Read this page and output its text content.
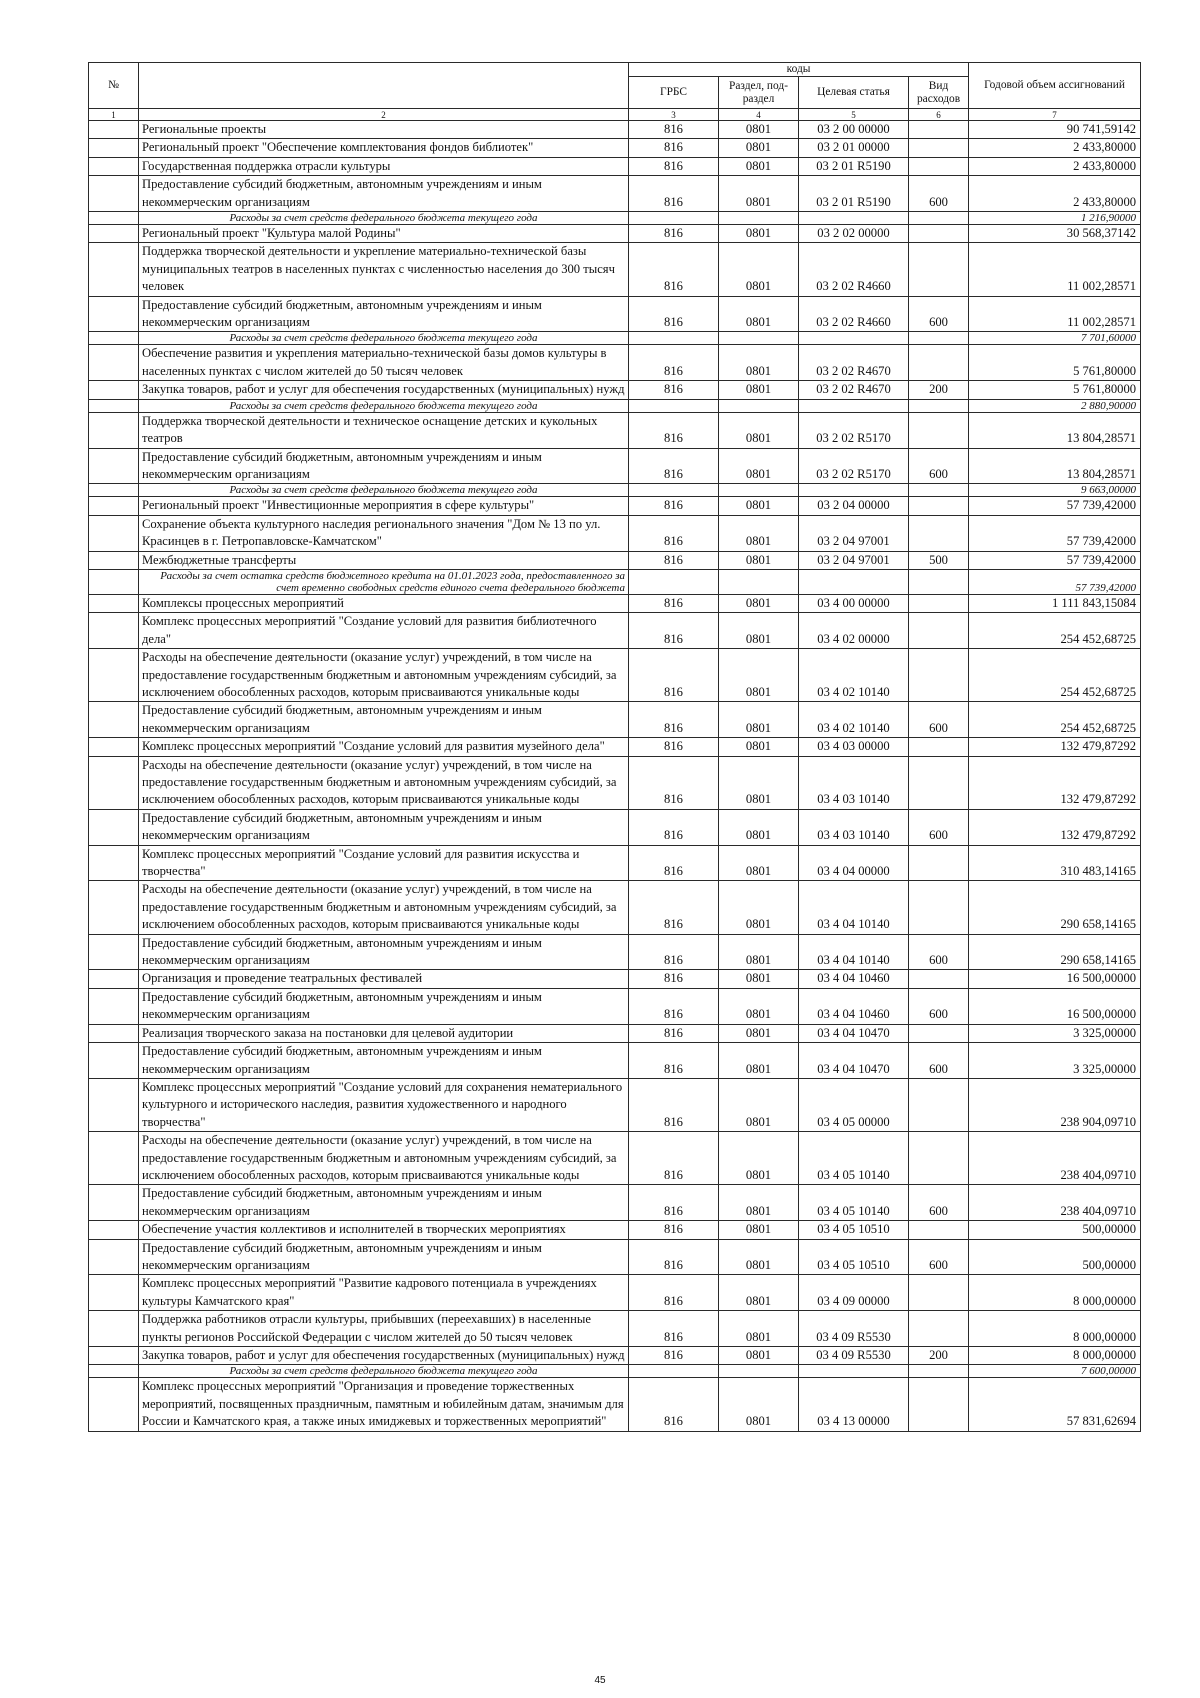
№		коды				Годовой объем ассигнований
		ГРБС	Раздел, под-раздел	Целевая статья	Вид расходов	
1	2	3	4	5	6	7
	Региональные проекты	816	0801	03 2 00 00000		90 741,59142
	Региональный проект "Обеспечение комплектования фондов библиотек"	816	0801	03 2 01 00000		2 433,80000
	Государственная поддержка отрасли культуры	816	0801	03 2 01 R5190		2 433,80000
	Предоставление субсидий бюджетным, автономным учреждениям и иным некоммерческим организациям	816	0801	03 2 01 R5190	600	2 433,80000
	Расходы за счет средств федерального бюджета текущего года					1 216,90000
	Региональный проект "Культура малой Родины"	816	0801	03 2 02 00000		30 568,37142
	Поддержка творческой деятельности и укрепление материально-технической базы муниципальных театров в населенных пунктах с численностью населения до 300 тысяч человек	816	0801	03 2 02 R4660		11 002,28571
	Предоставление субсидий бюджетным, автономным учреждениям и иным некоммерческим организациям	816	0801	03 2 02 R4660	600	11 002,28571
	Расходы за счет средств федерального бюджета текущего года					7 701,60000
	Обеспечение развития и укрепления материально-технической базы домов культуры в населенных пунктах с числом жителей до 50 тысяч человек	816	0801	03 2 02 R4670		5 761,80000
	Закупка товаров, работ и услуг для обеспечения государственных (муниципальных) нужд	816	0801	03 2 02 R4670	200	5 761,80000
	Расходы за счет средств федерального бюджета текущего года					2 880,90000
	Поддержка творческой деятельности и техническое оснащение детских и кукольных театров	816	0801	03 2 02 R5170		13 804,28571
	Предоставление субсидий бюджетным, автономным учреждениям и иным некоммерческим организациям	816	0801	03 2 02 R5170	600	13 804,28571
	Расходы за счет средств федерального бюджета текущего года					9 663,00000
	Региональный проект "Инвестиционные мероприятия в сфере культуры"	816	0801	03 2 04 00000		57 739,42000
	Сохранение объекта культурного наследия регионального значения "Дом № 13 по ул. Красинцев в г. Петропавловске-Камчатском"	816	0801	03 2 04 97001		57 739,42000
	Межбюджетные трансферты	816	0801	03 2 04 97001	500	57 739,42000
	Расходы за счет остатка средств бюджетного кредита на 01.01.2023 года, предоставленного за счет временно свободных средств единого счета федерального бюджета					57 739,42000
	Комплексы процессных мероприятий	816	0801	03 4 00 00000		1 111 843,15084
	Комплекс процессных мероприятий "Создание условий для развития библиотечного дела"	816	0801	03 4 02 00000		254 452,68725
	Расходы на обеспечение деятельности (оказание услуг) учреждений, в том числе на предоставление государственным бюджетным и автономным учреждениям субсидий, за исключением обособленных расходов, которым присваиваются уникальные коды	816	0801	03 4 02 10140		254 452,68725
	Предоставление субсидий бюджетным, автономным учреждениям и иным некоммерческим организациям	816	0801	03 4 02 10140	600	254 452,68725
	Комплекс процессных мероприятий "Создание условий для развития музейного дела"	816	0801	03 4 03 00000		132 479,87292
	Расходы на обеспечение деятельности (оказание услуг) учреждений, в том числе на предоставление государственным бюджетным и автономным учреждениям субсидий, за исключением обособленных расходов, которым присваиваются уникальные коды	816	0801	03 4 03 10140		132 479,87292
	Предоставление субсидий бюджетным, автономным учреждениям и иным некоммерческим организациям	816	0801	03 4 03 10140	600	132 479,87292
	Комплекс процессных мероприятий "Создание условий для развития искусства и творчества"	816	0801	03 4 04 00000		310 483,14165
	Расходы на обеспечение деятельности (оказание услуг) учреждений, в том числе на предоставление государственным бюджетным и автономным учреждениям субсидий, за исключением обособленных расходов, которым присваиваются уникальные коды	816	0801	03 4 04 10140		290 658,14165
	Предоставление субсидий бюджетным, автономным учреждениям и иным некоммерческим организациям	816	0801	03 4 04 10140	600	290 658,14165
	Организация и проведение театральных фестивалей	816	0801	03 4 04 10460		16 500,00000
	Предоставление субсидий бюджетным, автономным учреждениям и иным некоммерческим организациям	816	0801	03 4 04 10460	600	16 500,00000
	Реализация творческого заказа на постановки для целевой аудитории	816	0801	03 4 04 10470		3 325,00000
	Предоставление субсидий бюджетным, автономным учреждениям и иным некоммерческим организациям	816	0801	03 4 04 10470	600	3 325,00000
	Комплекс процессных мероприятий "Создание условий для сохранения нематериального культурного и исторического наследия, развития художественного и народного творчества"	816	0801	03 4 05 00000		238 904,09710
	Расходы на обеспечение деятельности (оказание услуг) учреждений, в том числе на предоставление государственным бюджетным и автономным учреждениям субсидий, за исключением обособленных расходов, которым присваиваются уникальные коды	816	0801	03 4 05 10140		238 404,09710
	Предоставление субсидий бюджетным, автономным учреждениям и иным некоммерческим организациям	816	0801	03 4 05 10140	600	238 404,09710
	Обеспечение участия коллективов и исполнителей в творческих мероприятиях	816	0801	03 4 05 10510		500,00000
	Предоставление субсидий бюджетным, автономным учреждениям и иным некоммерческим организациям	816	0801	03 4 05 10510	600	500,00000
	Комплекс процессных мероприятий "Развитие кадрового потенциала в учреждениях культуры Камчатского края"	816	0801	03 4 09 00000		8 000,00000
	Поддержка работников отрасли культуры, прибывших (переехавших) в населенные пункты регионов Российской Федерации с числом жителей до 50 тысяч человек	816	0801	03 4 09 R5530		8 000,00000
	Закупка товаров, работ и услуг для обеспечения государственных (муниципальных) нужд	816	0801	03 4 09 R5530	200	8 000,00000
	Расходы за счет средств федерального бюджета текущего года					7 600,00000
	Комплекс процессных мероприятий "Организация и проведение торжественных мероприятий, посвященных праздничным, памятным и юбилейным датам, значимым для России и Камчатского края, а также иных имиджевых и торжественных мероприятий"	816	0801	03 4 13 00000		57 831,62694
45
